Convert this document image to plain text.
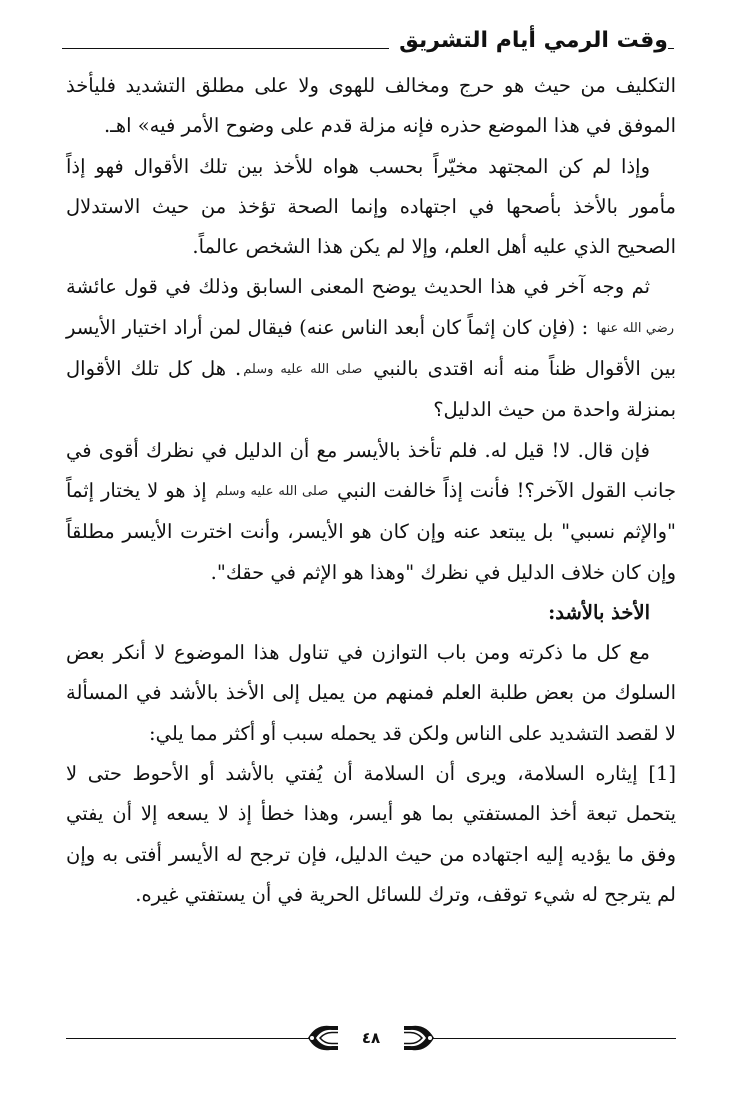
وقت الرمي أيام التشريق

التكليف من حيث هو حرج ومخالف للهوى ولا على مطلق التشديد فليأخذ الموفق في هذا الموضع حذره فإنه مزلة قدم على وضوح الأمر فيه» اهـ.

وإذا لم كن المجتهد مخيّراً بحسب هواه للأخذ بين تلك الأقوال فهو إذاً مأمور بالأخذ بأصحها في اجتهاده وإنما الصحة تؤخذ من حيث الاستدلال الصحيح الذي عليه أهل العلم، وإلا لم يكن هذا الشخص عالماً.

ثم وجه آخر في هذا الحديث يوضح المعنى السابق وذلك في قول عائشة رضي الله عنها : (فإن كان إثماً كان أبعد الناس عنه) فيقال لمن أراد اختيار الأيسر بين الأقوال ظناً منه أنه اقتدى بالنبي صلى الله عليه وسلم. هل كل تلك الأقوال بمنزلة واحدة من حيث الدليل؟

فإن قال. لا! قيل له. فلم تأخذ بالأيسر مع أن الدليل في نظرك أقوى في جانب القول الآخر؟! فأنت إذاً خالفت النبي صلى الله عليه وسلم إذ هو لا يختار إثماً "والإثم نسبي" بل يبتعد عنه وإن كان هو الأيسر، وأنت اخترت الأيسر مطلقاً وإن كان خلاف الدليل في نظرك "وهذا هو الإثم في حقك".

الأخذ بالأشد:

مع كل ما ذكرته ومن باب التوازن في تناول هذا الموضوع لا أنكر بعض السلوك من بعض طلبة العلم فمنهم من يميل إلى الأخذ بالأشد في المسألة لا لقصد التشديد على الناس ولكن قد يحمله سبب أو أكثر مما يلي:

[1] إيثاره السلامة، ويرى أن السلامة أن يُفتي بالأشد أو الأحوط حتى لا يتحمل تبعة أخذ المستفتي بما هو أيسر، وهذا خطأ إذ لا يسعه إلا أن يفتي وفق ما يؤديه إليه اجتهاده من حيث الدليل، فإن ترجح له الأيسر أفتى به وإن لم يترجح له شيء توقف، وترك للسائل الحرية في أن يستفتي غيره.

٤٨
